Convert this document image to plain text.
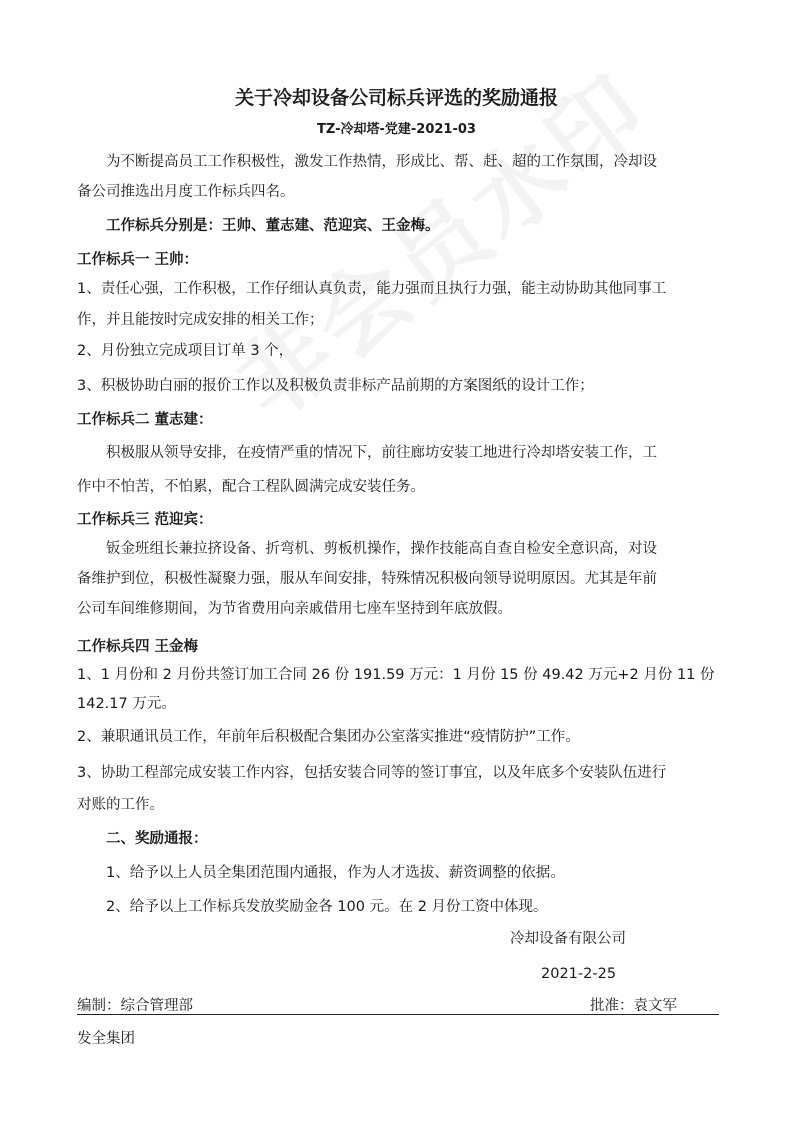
关于冷却设备公司标兵评选的奖励通报
TZ-冷却塔-党建-2021-03
为不断提高员工工作积极性，激发工作热情，形成比、帮、赶、超的工作氛围，冷却设
备公司推选出月度工作标兵四名。
工作标兵分别是：王帅、董志建、范迎宾、王金梅。
工作标兵一 王帅：
1、责任心强，工作积极，工作仔细认真负责，能力强而且执行力强，能主动协助其他同事工
作，并且能按时完成安排的相关工作；
2、月份独立完成项目订单 3 个，
3、积极协助白丽的报价工作以及积极负责非标产品前期的方案图纸的设计工作；
工作标兵二 董志建：
积极服从领导安排，在疫情严重的情况下，前往廊坊安装工地进行冷却塔安装工作，工
作中不怕苦，不怕累，配合工程队圆满完成安装任务。
工作标兵三 范迎宾：
钣金班组长兼拉挤设备、折弯机、剪板机操作，操作技能高自查自检安全意识高，对设
备维护到位，积极性凝聚力强，服从车间安排，特殊情况积极向领导说明原因。尤其是年前
公司车间维修期间，为节省费用向亲戚借用七座车坚持到年底放假。
工作标兵四 王金梅
1、1 月份和 2 月份共签订加工合同 26 份 191.59 万元：1 月份 15 份 49.42 万元+2 月份 11 份
142.17 万元。
2、兼职通讯员工作，年前年后积极配合集团办公室落实推进“疫情防护”工作。
3、协助工程部完成安装工作内容，包括安装合同等的签订事宜，以及年底多个安装队伍进行
对账的工作。
二、奖励通报：
1、给予以上人员全集团范围内通报，作为人才选拔、薪资调整的依据。
2、给予以上工作标兵发放奖励金各 100 元。在 2 月份工资中体现。
冷却设备有限公司
2021-2-25
编制：综合管理部	批准：袁文军
发全集团
